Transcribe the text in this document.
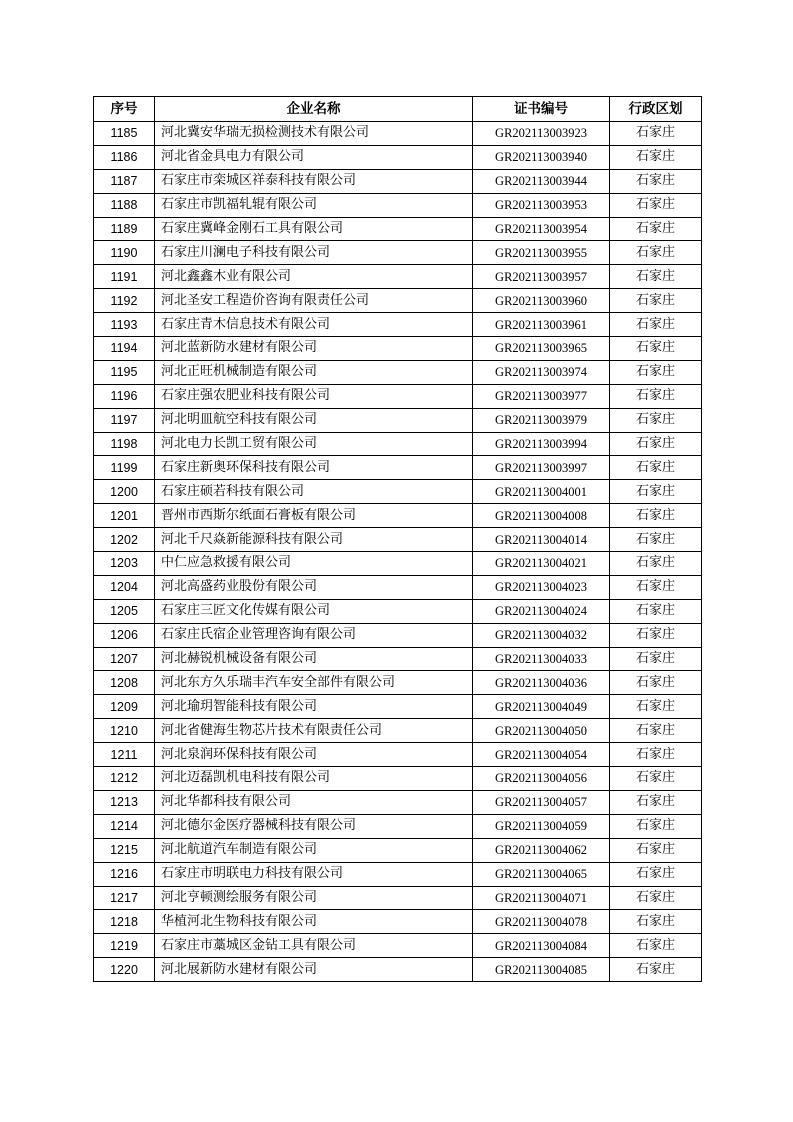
序号	企业名称	证书编号	行政区划
1185	河北冀安华瑞无损检测技术有限公司	GR202113003923	石家庄
1186	河北省金具电力有限公司	GR202113003940	石家庄
1187	石家庄市栾城区祥泰科技有限公司	GR202113003944	石家庄
1188	石家庄市凯福轧辊有限公司	GR202113003953	石家庄
1189	石家庄冀峰金刚石工具有限公司	GR202113003954	石家庄
1190	石家庄川澜电子科技有限公司	GR202113003955	石家庄
1191	河北鑫鑫木业有限公司	GR202113003957	石家庄
1192	河北圣安工程造价咨询有限责任公司	GR202113003960	石家庄
1193	石家庄青木信息技术有限公司	GR202113003961	石家庄
1194	河北蓝新防水建材有限公司	GR202113003965	石家庄
1195	河北正旺机械制造有限公司	GR202113003974	石家庄
1196	石家庄强农肥业科技有限公司	GR202113003977	石家庄
1197	河北明皿航空科技有限公司	GR202113003979	石家庄
1198	河北电力长凯工贸有限公司	GR202113003994	石家庄
1199	石家庄新奥环保科技有限公司	GR202113003997	石家庄
1200	石家庄硕若科技有限公司	GR202113004001	石家庄
1201	晋州市西斯尔纸面石膏板有限公司	GR202113004008	石家庄
1202	河北千尺焱新能源科技有限公司	GR202113004014	石家庄
1203	中仁应急救援有限公司	GR202113004021	石家庄
1204	河北高盛药业股份有限公司	GR202113004023	石家庄
1205	石家庄三匠文化传媒有限公司	GR202113004024	石家庄
1206	石家庄氏宿企业管理咨询有限公司	GR202113004032	石家庄
1207	河北赫锐机械设备有限公司	GR202113004033	石家庄
1208	河北东方久乐瑞丰汽车安全部件有限公司	GR202113004036	石家庄
1209	河北瑜玥智能科技有限公司	GR202113004049	石家庄
1210	河北省健海生物芯片技术有限责任公司	GR202113004050	石家庄
1211	河北泉润环保科技有限公司	GR202113004054	石家庄
1212	河北迈磊凯机电科技有限公司	GR202113004056	石家庄
1213	河北华都科技有限公司	GR202113004057	石家庄
1214	河北德尔金医疗器械科技有限公司	GR202113004059	石家庄
1215	河北航道汽车制造有限公司	GR202113004062	石家庄
1216	石家庄市明联电力科技有限公司	GR202113004065	石家庄
1217	河北亨顿测绘服务有限公司	GR202113004071	石家庄
1218	华植河北生物科技有限公司	GR202113004078	石家庄
1219	石家庄市藁城区金钻工具有限公司	GR202113004084	石家庄
1220	河北展新防水建材有限公司	GR202113004085	石家庄
